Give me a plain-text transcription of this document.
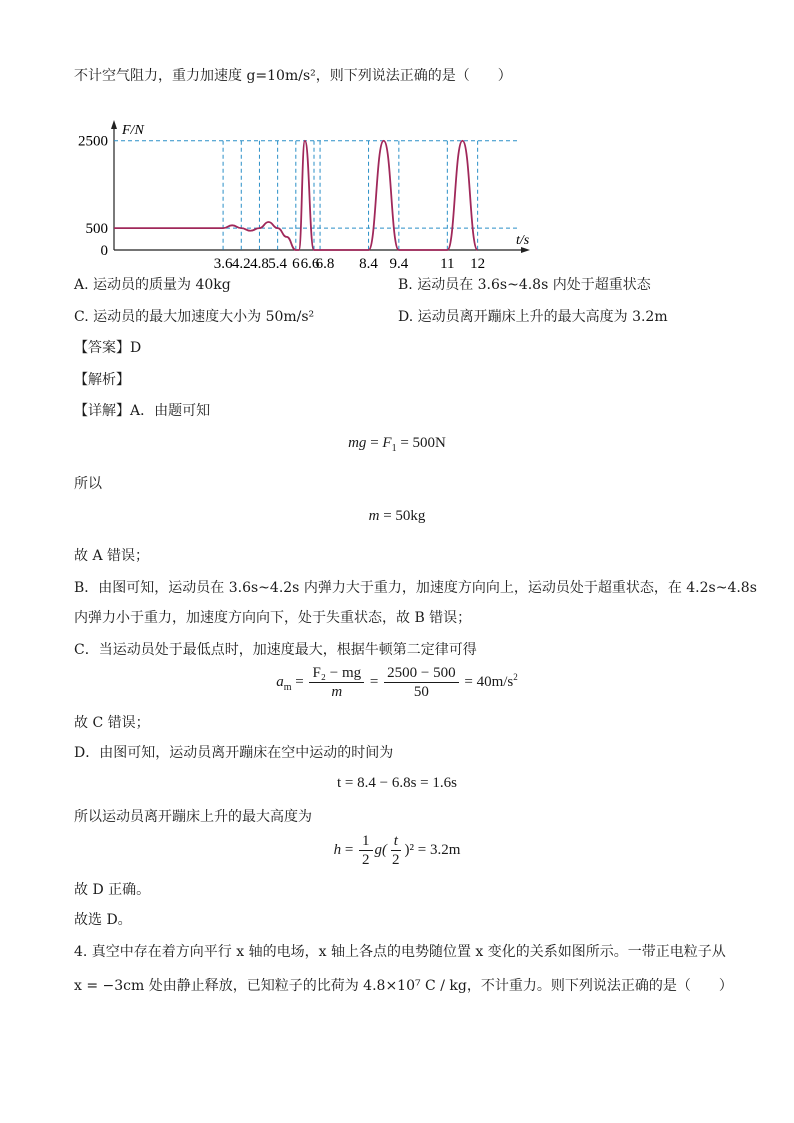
不计空气阻力，重力加速度 g=10m/s²，则下列说法正确的是（　　）
F/N
t/s
2500
500
0
3.6 4.2 4.8 5.4 6 6.6
6.8 8.4 9.4 11 12
A. 运动员的质量为 40kg	B. 运动员在 3.6s~4.8s 内处于超重状态
C. 运动员的最大加速度大小为 50m/s²	D. 运动员离开蹦床上升的最大高度为 3.2m
【答案】D
【解析】
【详解】A．由题可知
mg = $F_1 = 500N$
所以
m = 50kg
故 A 错误；
B．由图可知，运动员在 3.6s~4.2s 内弹力大于重力，加速度方向向上，运动员处于超重状态，在 4.2s~4.8s
内弹力小于重力，加速度方向向下，处于失重状态，故 B 错误；
C．当运动员处于最低点时，加速度最大，根据牛顿第二定律可得
$a_m = \frac{\text{F₂ − mg}}{m} = \frac{2500 - 500}{50} = 40m/s^2$
故 C 错误；
D．由图可知，运动员离开蹦床在空中运动的时间为
t = 8.4 − 6.8s = 1.6s
所以运动员离开蹦床上升的最大高度为
$h = \frac{1}{2} g( \frac{t}{2} )^2 = 3.2m$
故 D 正确。
故选 D。
4. 真空中存在着方向平行 x 轴的电场，x 轴上各点的电势随位置 x 变化的关系如图所示。一带正电粒子从
x = −3cm 处由静止释放，已知粒子的比荷为 4.8×10⁷ C / kg，不计重力。则下列说法正确的是（　　）
